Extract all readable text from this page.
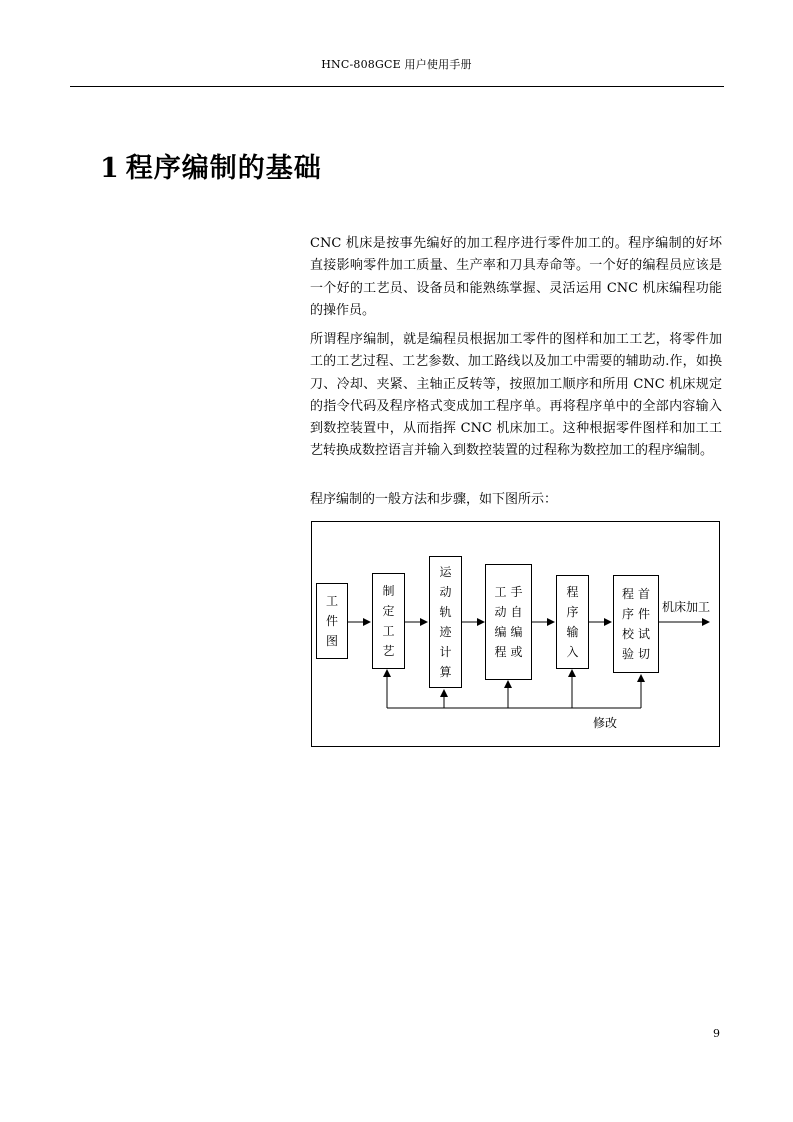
HNC-808GCE 用户使用手册
1 程序编制的基础

CNC 机床是按事先编好的加工程序进行零件加工的。程序编制的好坏直接影响零件加工质量、生产率和刀具寿命等。一个好的编程员应该是一个好的工艺员、设备员和能熟练掌握、灵活运用 CNC 机床编程功能的操作员。

所谓程序编制，就是编程员根据加工零件的图样和加工工艺，将零件加工的工艺过程、工艺参数、加工路线以及加工中需要的辅助动.作，如换刀、冷却、夹紧、主轴正反转等，按照加工顺序和所用 CNC 机床规定的指令代码及程序格式变成加工程序单。再将程序单中的全部内容输入到数控装置中，从而指挥 CNC 机床加工。这种根据零件图样和加工工艺转换成数控语言并输入到数控装置的过程称为数控加工的程序编制。

程序编制的一般方法和步骤，如下图所示：

工件图
制定工艺
运动轨迹计算
工动编程
手自编或
程序输入
程序校验
首件试切
机床加工
修改
9
